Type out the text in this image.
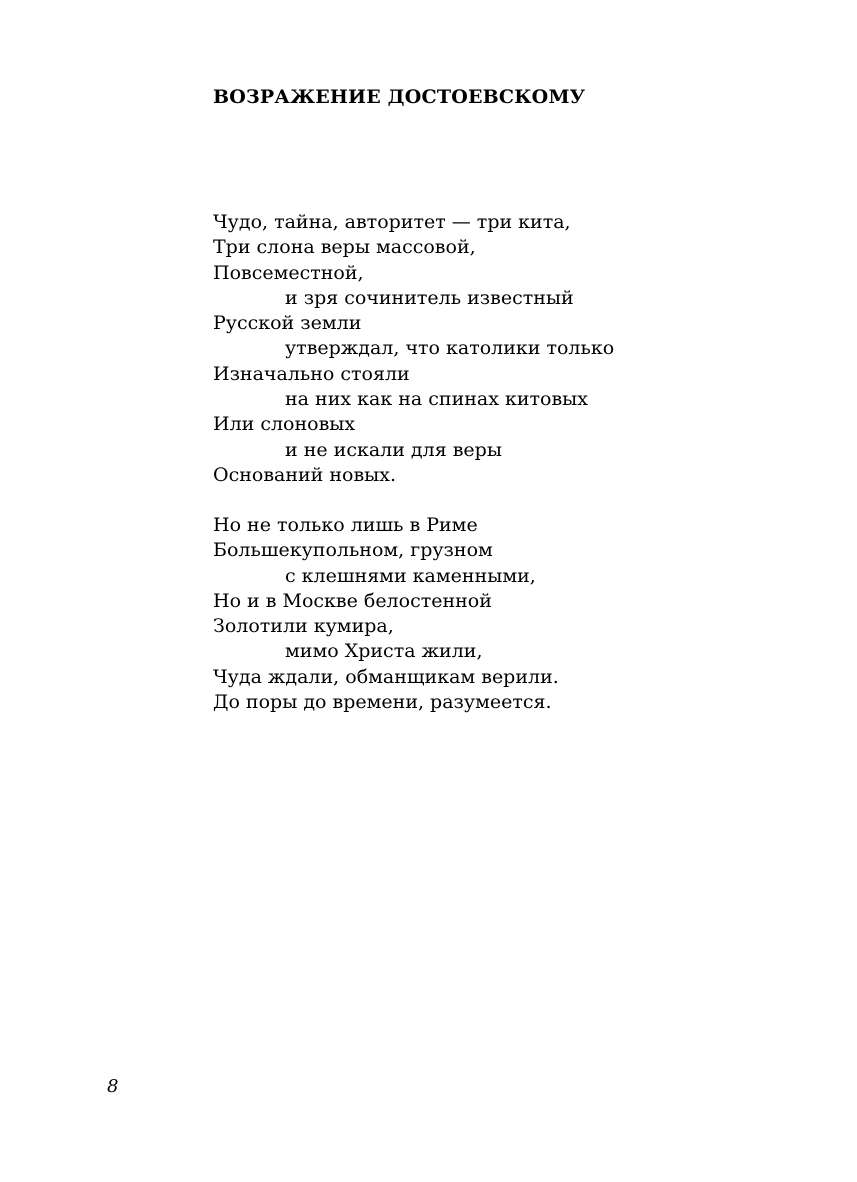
ВОЗРАЖЕНИЕ ДОСТОЕВСКОМУ
Чудо, тайна, авторитет — три кита,
Три слона веры массовой,
Повсеместной,
и зря сочинитель известный
Русской земли
утверждал, что католики только
Изначально стояли
на них как на спинах китовых
Или слоновых
и не искали для веры
Оснований новых.
Но не только лишь в Риме
Большекупольном, грузном
с клешнями каменными,
Но и в Москве белостенной
Золотили кумира,
мимо Христа жили,
Чуда ждали, обманщикам верили.
До поры до времени, разумеется.
8
